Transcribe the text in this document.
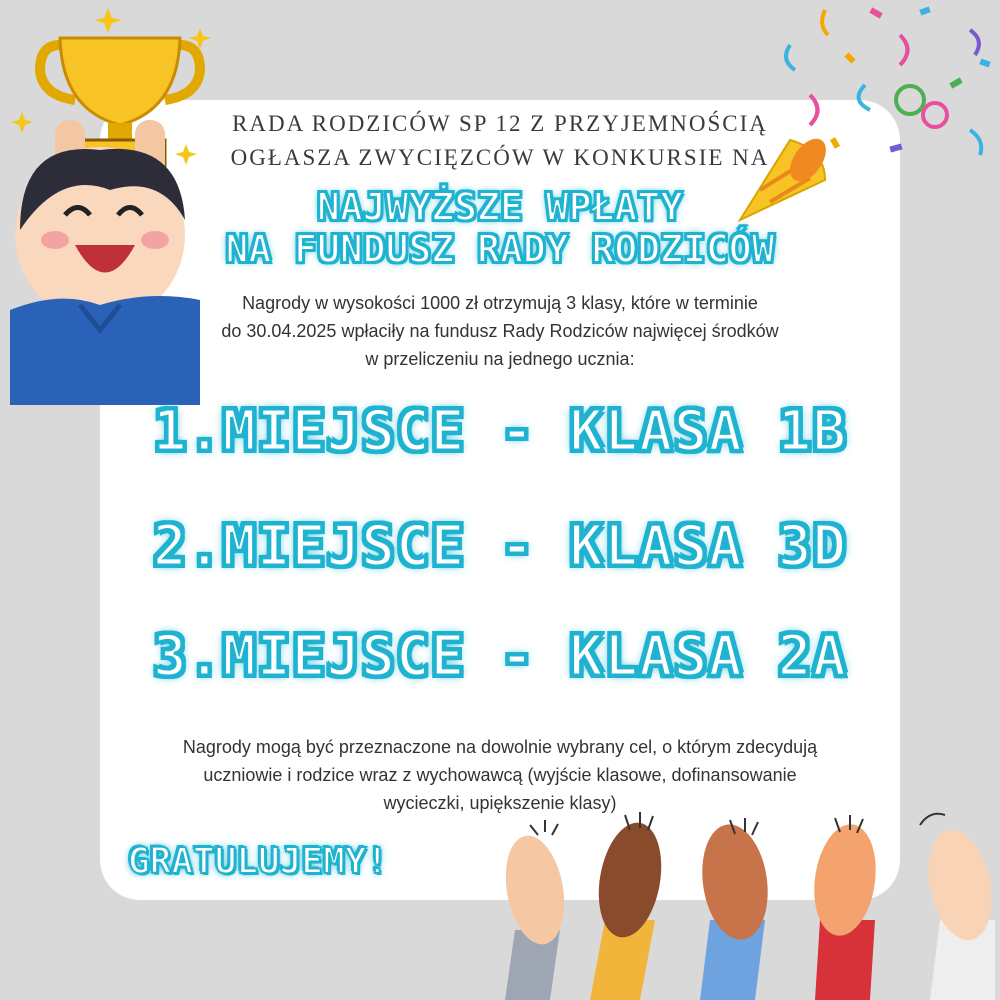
RADA RODZICÓW SP 12 Z PRZYJEMNOŚCIĄ
OGŁASZA ZWYCIĘZCÓW W KONKURSIE NA
NAJWYŻSZE WPŁATY
NA FUNDUSZ RADY RODZICÓW
Nagrody w wysokości 1000 zł otrzymują 3 klasy, które w terminie
do 30.04.2025 wpłaciły na fundusz Rady Rodziców najwięcej środków
w przeliczeniu na jednego ucznia:
1.MIEJSCE - KLASA 1B
2.MIEJSCE - KLASA 3D
3.MIEJSCE - KLASA 2A
Nagrody mogą być przeznaczone na dowolnie wybrany cel, o którym zdecydują
uczniowie i rodzice wraz z wychowawcą (wyjście klasowe, dofinansowanie
wycieczki, upiększenie klasy)
GRATULUJEMY!
